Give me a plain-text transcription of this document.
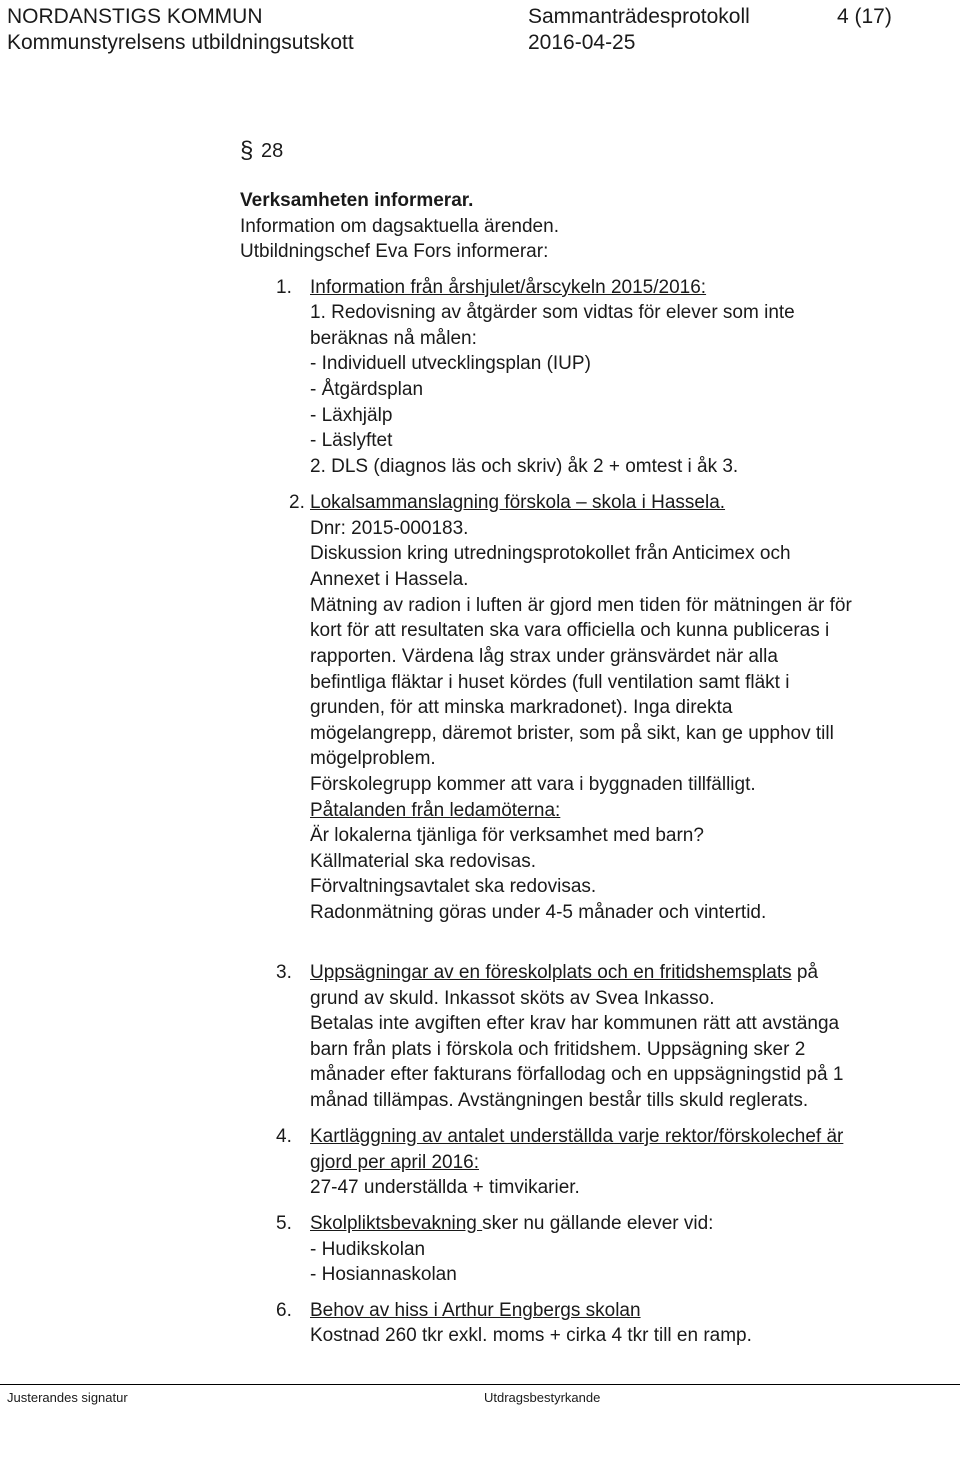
NORDANSTIGS KOMMUN	Sammanträdesprotokoll	4 (17)
Kommunstyrelsens utbildningsutskott	2016-04-25
§ 28
Verksamheten informerar.
Information om dagsaktuella ärenden.
Utbildningschef Eva Fors informerar:
1. Information från årshjulet/årscykeln 2015/2016:
1. Redovisning av åtgärder som vidtas för elever som inte
beräknas nå målen:
- Individuell utvecklingsplan (IUP)
- Åtgärdsplan
- Läxhjälp
- Läslyftet
2. DLS (diagnos läs och skriv) åk 2 + omtest i åk 3.
2. Lokalsammanslagning förskola – skola i Hassela.
Dnr: 2015-000183.
Diskussion kring utredningsprotokollet från Anticimex och
Annexet i Hassela.
Mätning av radion i luften är gjord men tiden för mätningen är för
kort för att resultaten ska vara officiella och kunna publiceras i
rapporten. Värdena låg strax under gränsvärdet när alla
befintliga fläktar i huset kördes (full ventilation samt fläkt i
grunden, för att minska markradonet). Inga direkta
mögelangrepp, däremot brister, som på sikt, kan ge upphov till
mögelproblem.
Förskolegrupp kommer att vara i byggnaden tillfälligt.
Påtalanden från ledamöterna:
Är lokalerna tjänliga för verksamhet med barn?
Källmaterial ska redovisas.
Förvaltningsavtalet ska redovisas.
Radonmätning göras under 4-5 månader och vintertid.
3. Uppsägningar av en föreskolplats och en fritidshemsplats på
grund av skuld. Inkassot sköts av Svea Inkasso.
Betalas inte avgiften efter krav har kommunen rätt att avstänga
barn från plats i förskola och fritidshem. Uppsägning sker 2
månader efter fakturans förfallodag och en uppsägningstid på 1
månad tillämpas. Avstängningen består tills skuld reglerats.
4. Kartläggning av antalet underställda varje rektor/förskolechef är
gjord per april 2016:
27-47 underställda + timvikarier.
5. Skolpliktsbevakning sker nu gällande elever vid:
- Hudikskolan
- Hosiannaskolan
6. Behov av hiss i Arthur Engbergs skolan
Kostnad 260 tkr exkl. moms + cirka 4 tkr till en ramp.
Justerandes signatur	Utdragsbestyrkande
